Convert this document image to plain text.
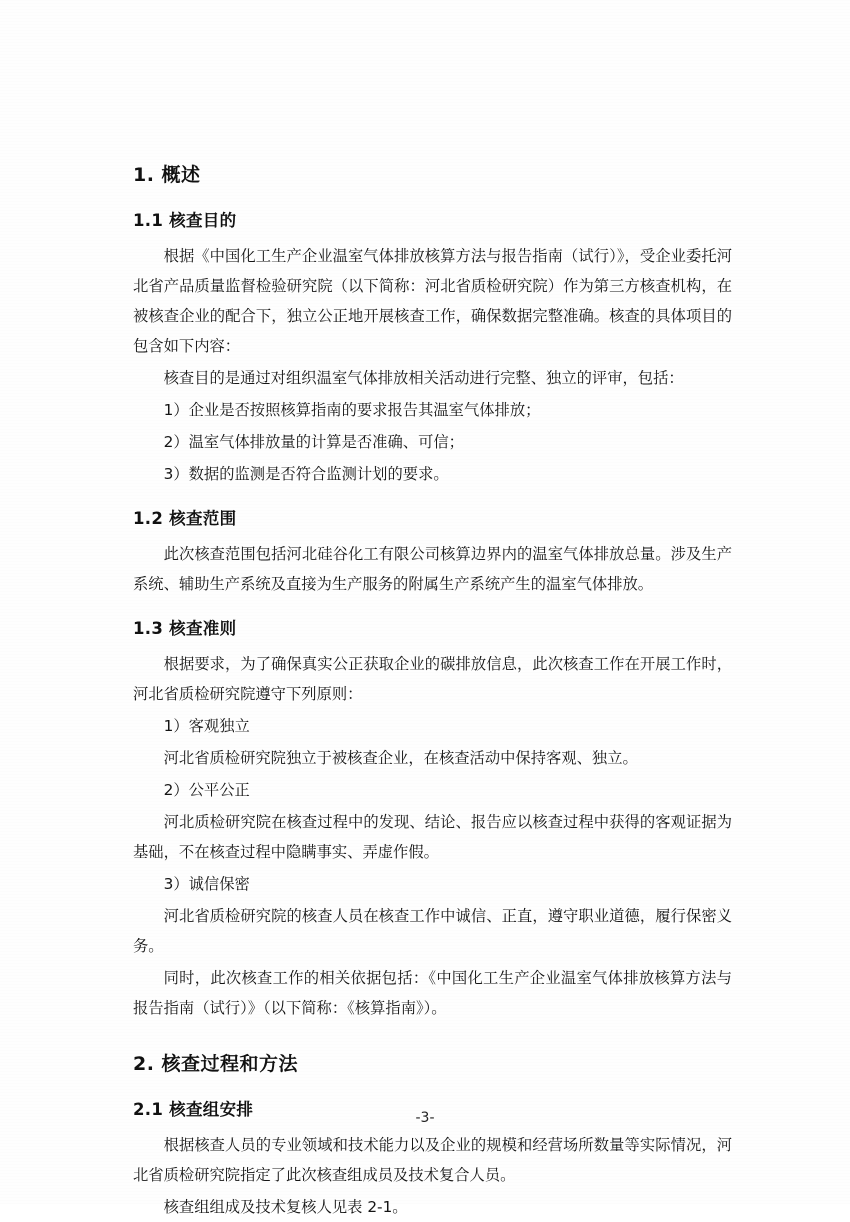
1. 概述
1.1 核查目的

根据《中国化工生产企业温室气体排放核算方法与报告指南（试行）》，受企业委托河北省产品质量监督检验研究院（以下简称：河北省质检研究院）作为第三方核查机构，在被核查企业的配合下，独立公正地开展核查工作，确保数据完整准确。核查的具体项目的包含如下内容：

核查目的是通过对组织温室气体排放相关活动进行完整、独立的评审，包括：

1）企业是否按照核算指南的要求报告其温室气体排放；

2）温室气体排放量的计算是否准确、可信；

3）数据的监测是否符合监测计划的要求。

1.2 核查范围

此次核查范围包括河北硅谷化工有限公司核算边界内的温室气体排放总量。涉及生产系统、辅助生产系统及直接为生产服务的附属生产系统产生的温室气体排放。

1.3 核查准则

根据要求，为了确保真实公正获取企业的碳排放信息，此次核查工作在开展工作时，河北省质检研究院遵守下列原则：

1）客观独立

河北省质检研究院独立于被核查企业，在核查活动中保持客观、独立。

2）公平公正

河北质检研究院在核查过程中的发现、结论、报告应以核查过程中获得的客观证据为基础，不在核查过程中隐瞒事实、弄虚作假。

3）诚信保密

河北省质检研究院的核查人员在核查工作中诚信、正直，遵守职业道德，履行保密义务。

同时，此次核查工作的相关依据包括：《中国化工生产企业温室气体排放核算方法与报告指南（试行）》（以下简称：《核算指南》）。

2. 核查过程和方法
2.1 核查组安排

根据核查人员的专业领域和技术能力以及企业的规模和经营场所数量等实际情况，河北省质检研究院指定了此次核查组成员及技术复合人员。

核查组组成及技术复核人见表 2-1。

-3-
